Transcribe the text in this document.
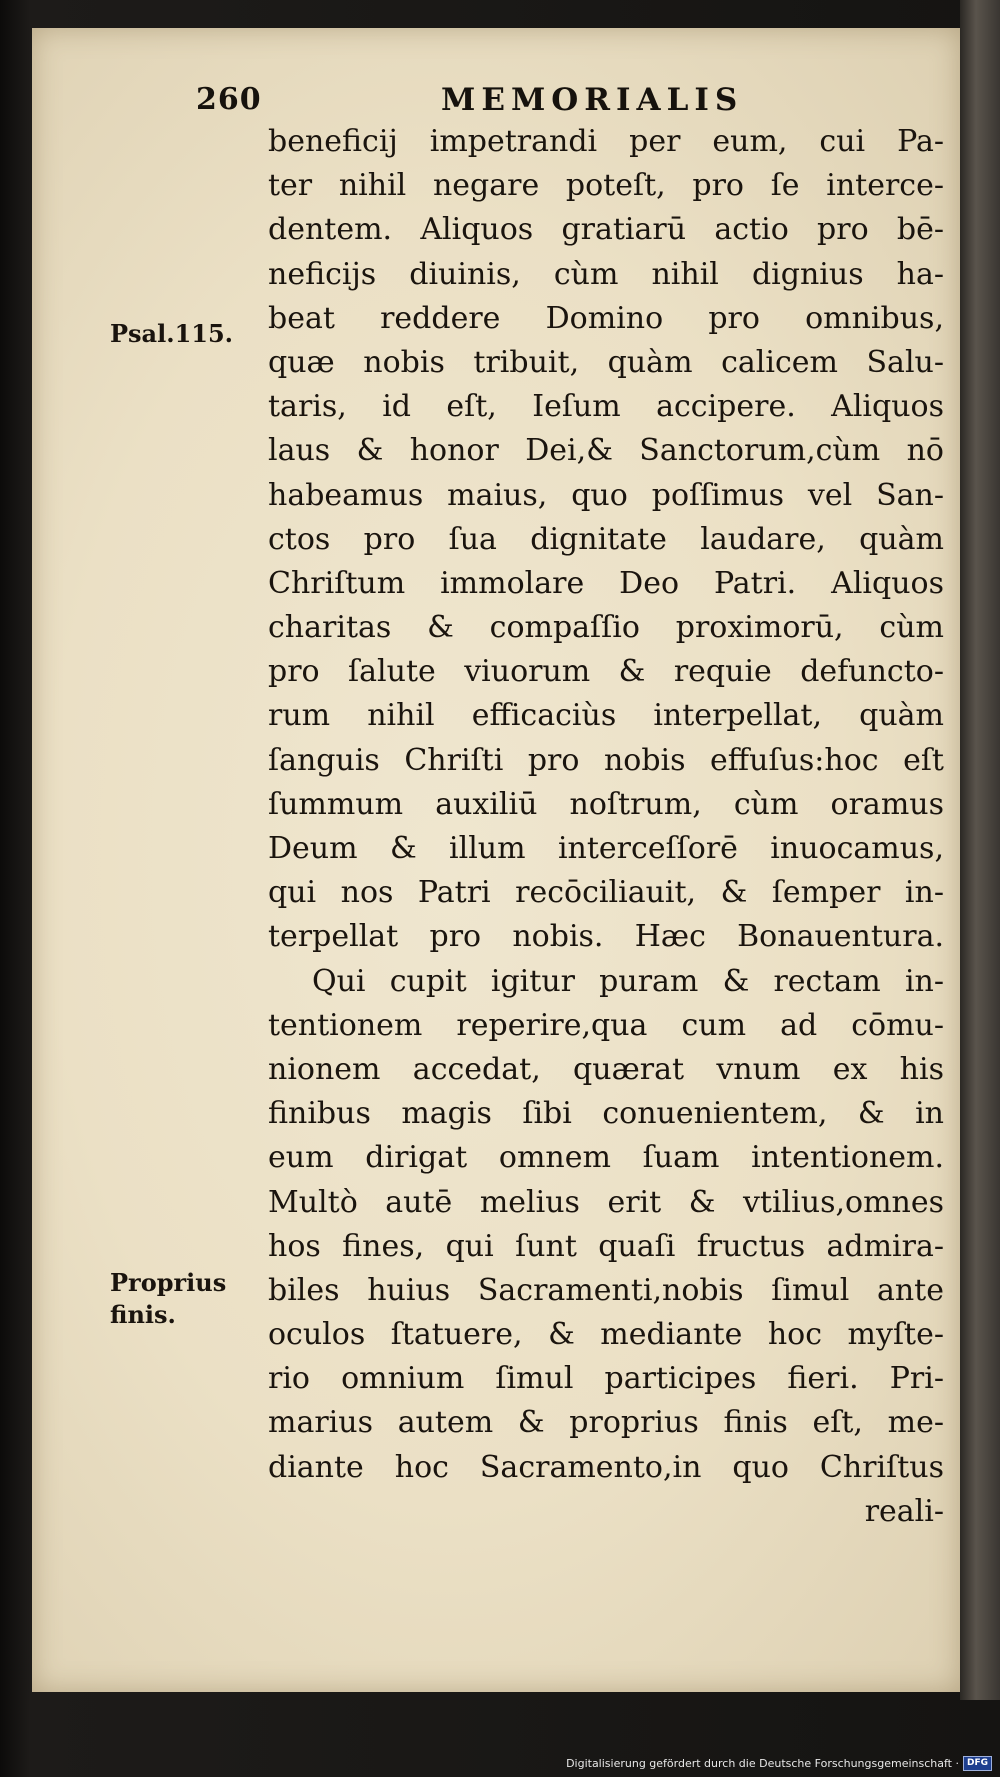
260	MEMORIALIS
Psal.115.
Proprius
finis.
beneficij impetrandi per eum, cui Pa-
ter nihil negare poteſt, pro ſe interce-
dentem. Aliquos gratiarū actio pro bē-
neficijs diuinis, cùm nihil dignius ha-
beat reddere Domino pro omnibus,
quæ nobis tribuit, quàm calicem Salu-
taris, id eſt, Ieſum accipere. Aliquos
laus & honor Dei,& Sanctorum,cùm nō
habeamus maius, quo poſſimus vel San-
ctos pro ſua dignitate laudare, quàm
Chriſtum immolare Deo Patri. Aliquos
charitas & compaſſio proximorū, cùm
pro ſalute viuorum & requie defuncto-
rum nihil efficaciùs interpellat, quàm
ſanguis Chriſti pro nobis effuſus:hoc eſt
ſummum auxiliū noſtrum, cùm oramus
Deum & illum interceſſorē inuocamus,
qui nos Patri recōciliauit, & ſemper in-
terpellat pro nobis. Hæc Bonauentura.
Qui cupit igitur puram & rectam in-
tentionem reperire,qua cum ad cōmu-
nionem accedat, quærat vnum ex his
finibus magis ſibi conuenientem, & in
eum dirigat omnem ſuam intentionem.
Multò autē melius erit & vtilius,omnes
hos fines, qui ſunt quaſi fructus admira-
biles huius Sacramenti,nobis ſimul ante
oculos ſtatuere, & mediante hoc myſte-
rio omnium ſimul participes fieri. Pri-
marius autem & proprius finis eſt, me-
diante hoc Sacramento,in quo Chriſtus
reali-
Digitalisierung gefördert durch die Deutsche Forschungsgemeinschaft · DFG
